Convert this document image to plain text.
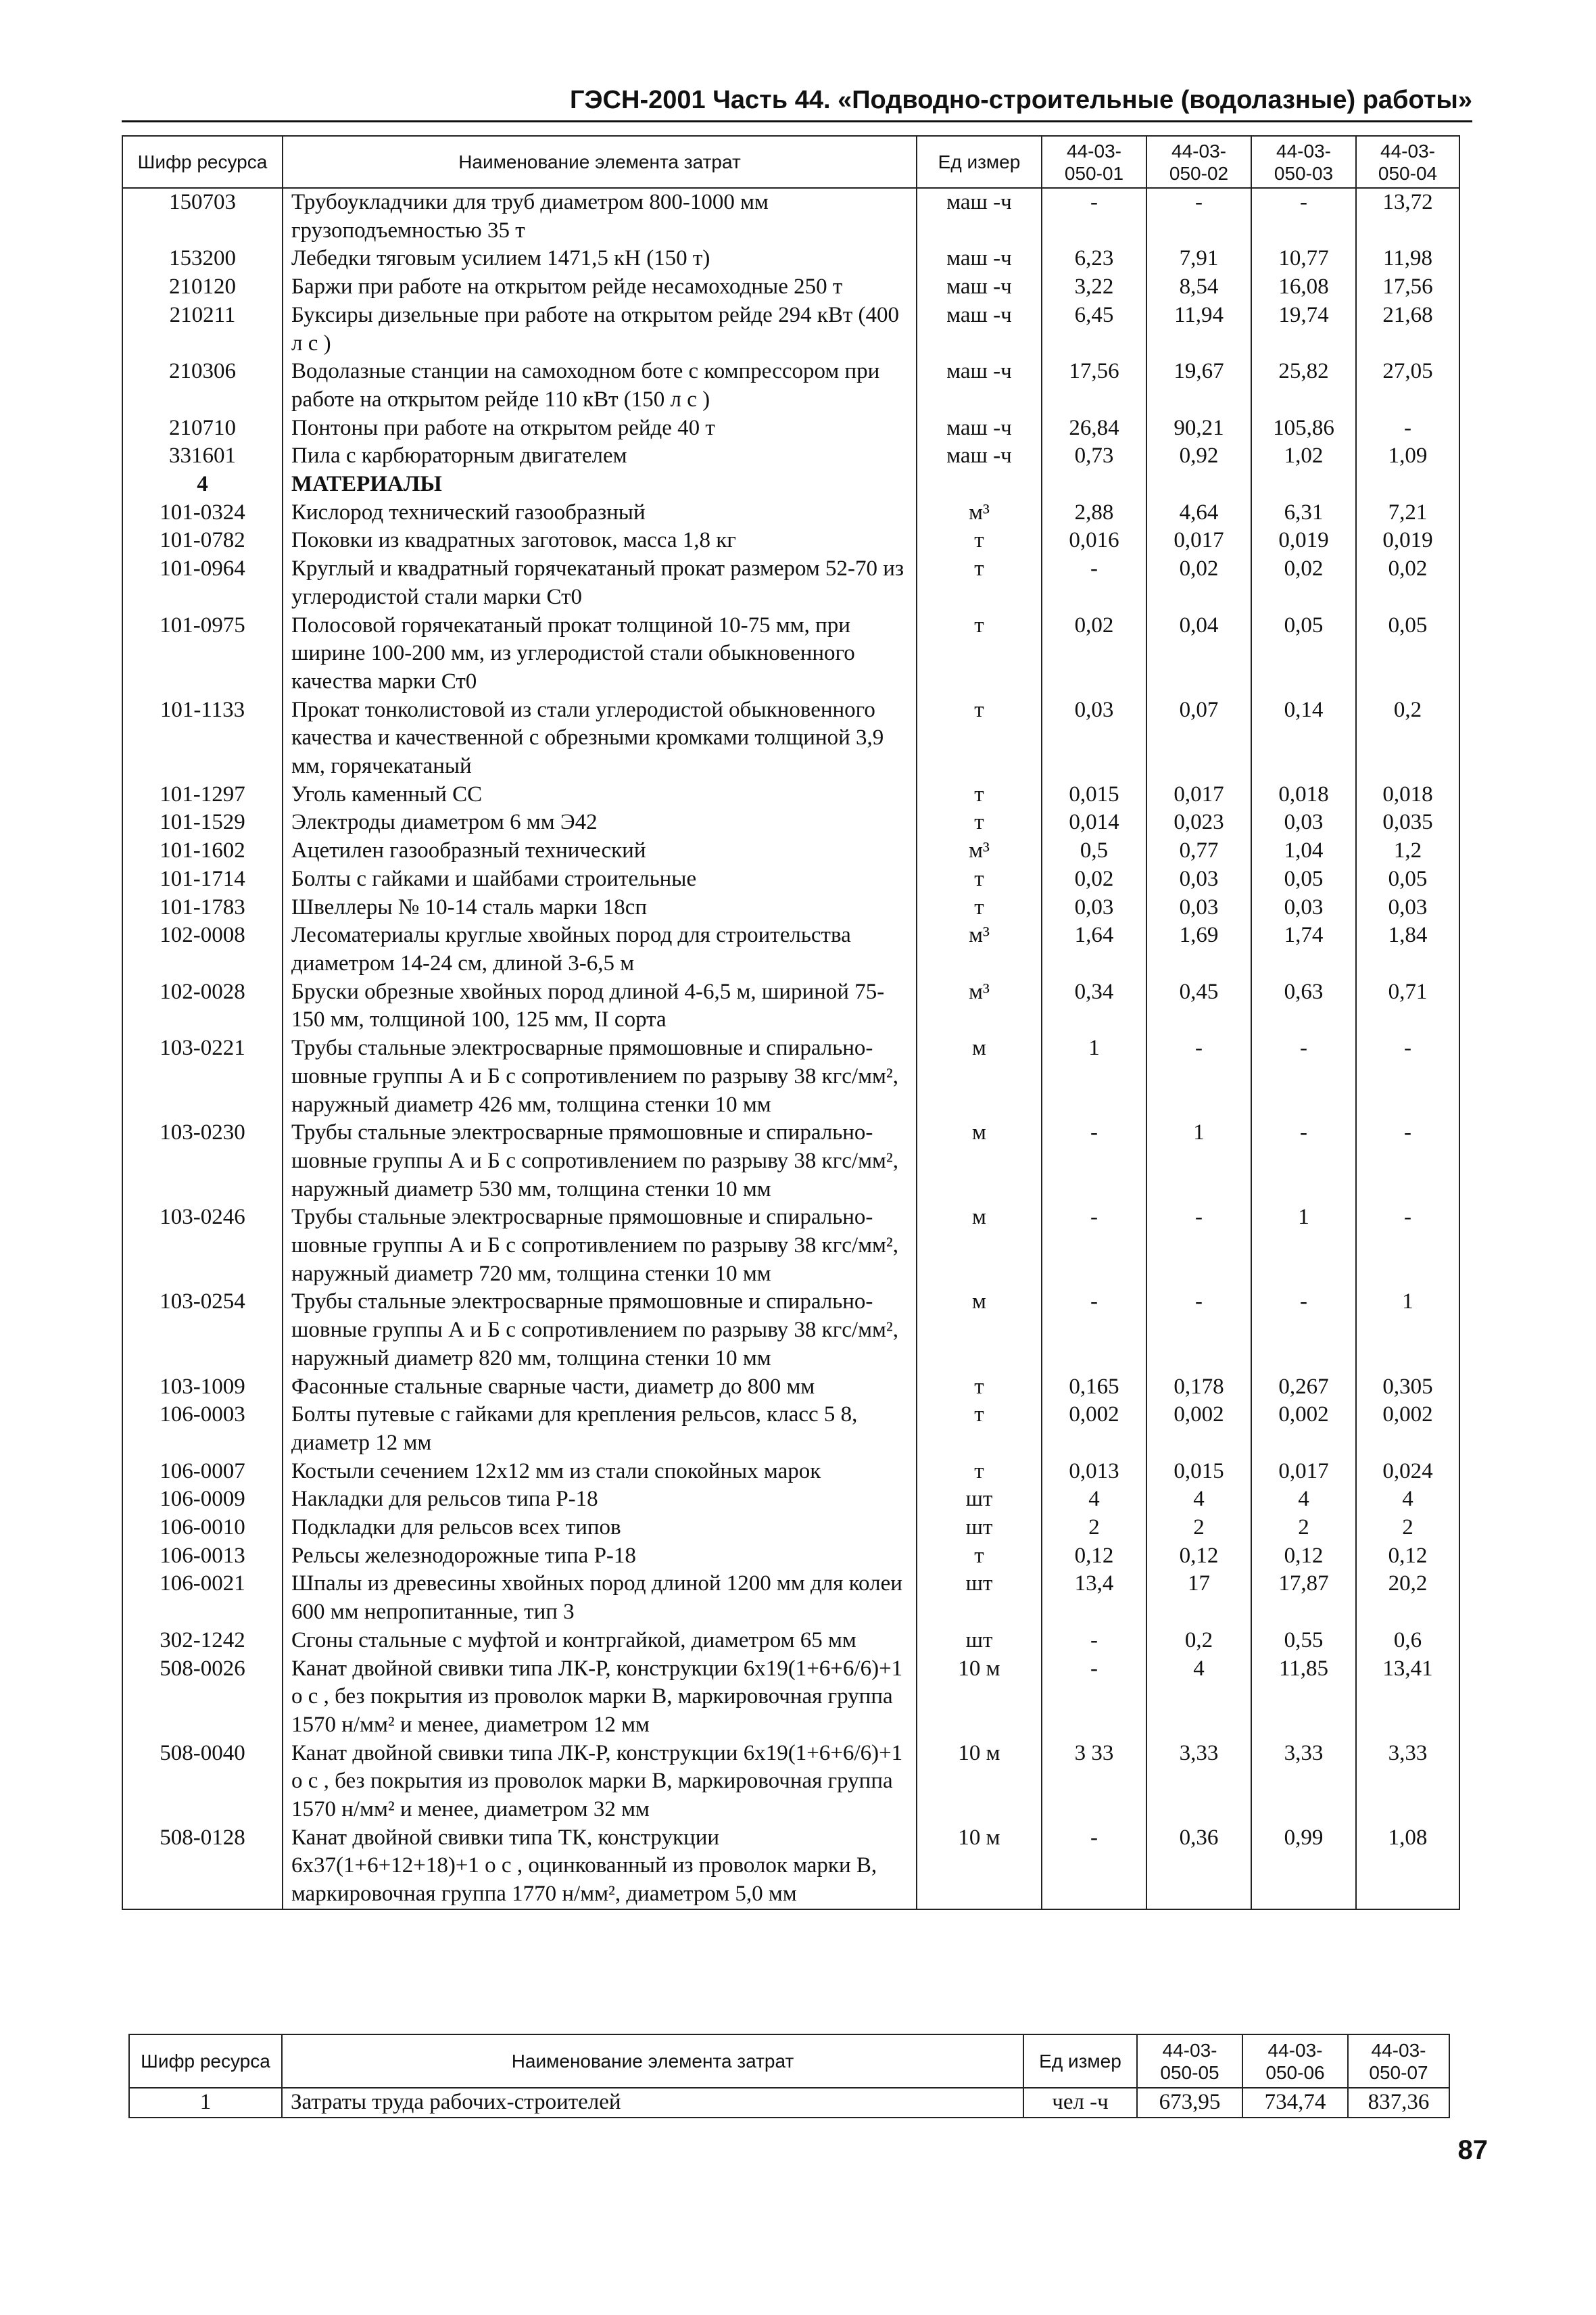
ГЭСН-2001 Часть 44. «Подводно-строительные (водолазные) работы»
Шифр ресурса	Наименование элемента затрат	Ед измер	44-03-050-01	44-03-050-02	44-03-050-03	44-03-050-04
150703	Трубоукладчики для труб диаметром 800-1000 мм грузоподъемностью 35 т	маш -ч	-	-	-	13,72
153200	Лебедки тяговым усилием 1471,5 кН (150 т)	маш -ч	6,23	7,91	10,77	11,98
210120	Баржи при работе на открытом рейде несамоходные 250 т	маш -ч	3,22	8,54	16,08	17,56
210211	Буксиры дизельные при работе на открытом рейде 294 кВт (400 л с )	маш -ч	6,45	11,94	19,74	21,68
210306	Водолазные станции на самоходном боте с компрессором при работе на открытом рейде 110 кВт (150 л с )	маш -ч	17,56	19,67	25,82	27,05
210710	Понтоны при работе на открытом рейде 40 т	маш -ч	26,84	90,21	105,86	-
331601	Пила с карбюраторным двигателем	маш -ч	0,73	0,92	1,02	1,09
4	МАТЕРИАЛЫ					
101-0324	Кислород технический газообразный	м³	2,88	4,64	6,31	7,21
101-0782	Поковки из квадратных заготовок, масса 1,8 кг	т	0,016	0,017	0,019	0,019
101-0964	Круглый и квадратный горячекатаный прокат размером 52-70 из углеродистой стали марки Ст0	т	-	0,02	0,02	0,02
101-0975	Полосовой горячекатаный прокат толщиной 10-75 мм, при ширине 100-200 мм, из углеродистой стали обыкновенного качества марки Ст0	т	0,02	0,04	0,05	0,05
101-1133	Прокат тонколистовой из стали углеродистой обыкновенного качества и качественной с обрезными кромками толщиной 3,9 мм, горячекатаный	т	0,03	0,07	0,14	0,2
101-1297	Уголь каменный СС	т	0,015	0,017	0,018	0,018
101-1529	Электроды диаметром 6 мм Э42	т	0,014	0,023	0,03	0,035
101-1602	Ацетилен газообразный технический	м³	0,5	0,77	1,04	1,2
101-1714	Болты с гайками и шайбами строительные	т	0,02	0,03	0,05	0,05
101-1783	Швеллеры № 10-14 сталь марки 18сп	т	0,03	0,03	0,03	0,03
102-0008	Лесоматериалы круглые хвойных пород для строительства диаметром 14-24 см, длиной 3-6,5 м	м³	1,64	1,69	1,74	1,84
102-0028	Бруски обрезные хвойных пород длиной 4-6,5 м, шириной 75-150 мм, толщиной 100, 125 мм, II сорта	м³	0,34	0,45	0,63	0,71
103-0221	Трубы стальные электросварные прямошовные и спирально-шовные группы А и Б с сопротивлением по разрыву 38 кгс/мм², наружный диаметр 426 мм, толщина стенки 10 мм	м	1	-	-	-
103-0230	Трубы стальные электросварные прямошовные и спирально-шовные группы А и Б с сопротивлением по разрыву 38 кгс/мм², наружный диаметр 530 мм, толщина стенки 10 мм	м	-	1	-	-
103-0246	Трубы стальные электросварные прямошовные и спирально-шовные группы А и Б с сопротивлением по разрыву 38 кгс/мм², наружный диаметр 720 мм, толщина стенки 10 мм	м	-	-	1	-
103-0254	Трубы стальные электросварные прямошовные и спирально-шовные группы А и Б с сопротивлением по разрыву 38 кгс/мм², наружный диаметр 820 мм, толщина стенки 10 мм	м	-	-	-	1
103-1009	Фасонные стальные сварные части, диаметр до 800 мм	т	0,165	0,178	0,267	0,305
106-0003	Болты путевые с гайками для крепления рельсов, класс 5 8, диаметр 12 мм	т	0,002	0,002	0,002	0,002
106-0007	Костыли сечением 12х12 мм из стали спокойных марок	т	0,013	0,015	0,017	0,024
106-0009	Накладки для рельсов типа Р-18	шт	4	4	4	4
106-0010	Подкладки для рельсов всех типов	шт	2	2	2	2
106-0013	Рельсы железнодорожные типа Р-18	т	0,12	0,12	0,12	0,12
106-0021	Шпалы из древесины хвойных пород длиной 1200 мм для колеи 600 мм непропитанные, тип 3	шт	13,4	17	17,87	20,2
302-1242	Сгоны стальные с муфтой и контргайкой, диаметром 65 мм	шт	-	0,2	0,55	0,6
508-0026	Канат двойной свивки типа ЛК-Р, конструкции 6х19(1+6+6/6)+1 о с , без покрытия из проволок марки В, маркировочная группа 1570 н/мм² и менее, диаметром 12 мм	10 м	-	4	11,85	13,41
508-0040	Канат двойной свивки типа ЛК-Р, конструкции 6х19(1+6+6/6)+1 о с , без покрытия из проволок марки В, маркировочная группа 1570 н/мм² и менее, диаметром 32 мм	10 м	3 33	3,33	3,33	3,33
508-0128	Канат двойной свивки типа ТК, конструкции 6х37(1+6+12+18)+1 о с , оцинкованный из проволок марки В, маркировочная группа 1770 н/мм², диаметром 5,0 мм	10 м	-	0,36	0,99	1,08
Шифр ресурса	Наименование элемента затрат	Ед измер	44-03-050-05	44-03-050-06	44-03-050-07
1	Затраты труда рабочих-строителей	чел -ч	673,95	734,74	837,36
87
